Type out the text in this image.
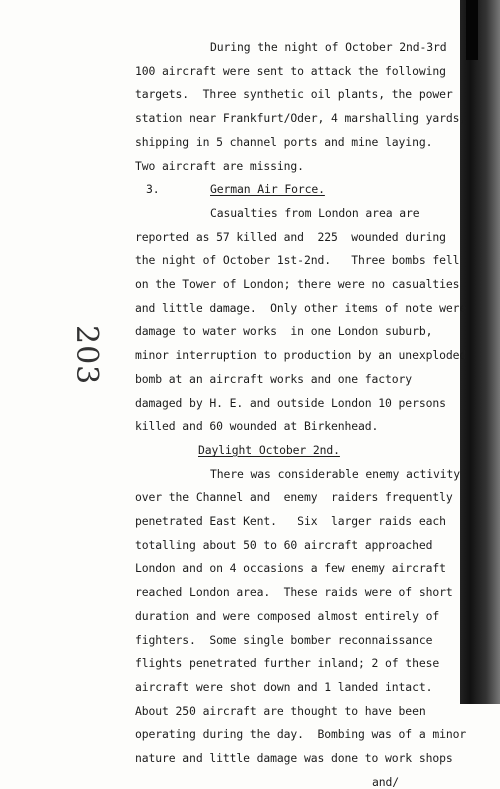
During the night of October 2nd-3rd
100 aircraft were sent to attack the following
targets.  Three synthetic oil plants, the power
station near Frankfurt/Oder, 4 marshalling yards,
shipping in 5 channel ports and mine laying.
Two aircraft are missing.
3.	German Air Force.
Casualties from London area are
reported as 57 killed and  225  wounded during
the night of October 1st-2nd.   Three bombs fell
on the Tower of London; there were no casualties
and little damage.  Only other items of note were
damage to water works  in one London suburb,
minor interruption to production by an unexploded
bomb at an aircraft works and one factory
damaged by H. E. and outside London 10 persons
killed and 60 wounded at Birkenhead.
Daylight October 2nd.
There was considerable enemy activity
over the Channel and  enemy  raiders frequently
penetrated East Kent.   Six  larger raids each
totalling about 50 to 60 aircraft approached
London and on 4 occasions a few enemy aircraft
reached London area.  These raids were of short
duration and were composed almost entirely of
fighters.  Some single bomber reconnaissance
flights penetrated further inland; 2 of these
aircraft were shot down and 1 landed intact.
About 250 aircraft are thought to have been
operating during the day.  Bombing was of a minor
nature and little damage was done to work shops
and/
203
